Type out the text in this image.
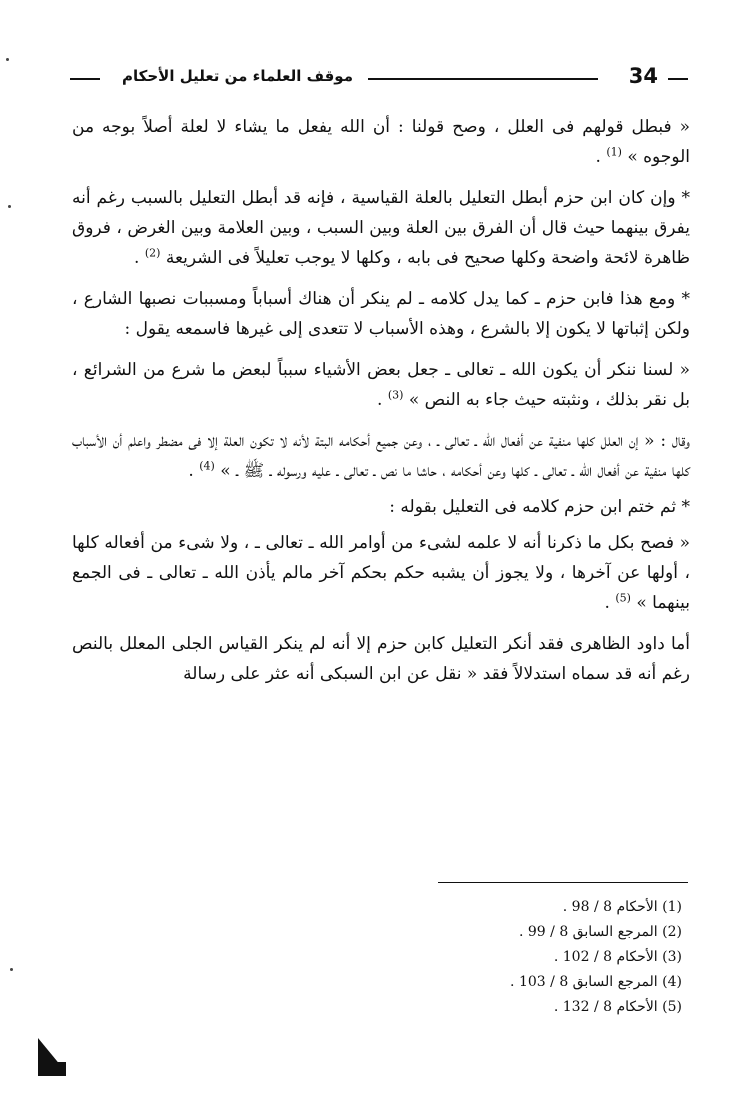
34
موقف العلماء من تعليل الأحكام

« فبطل قولهم فى العلل ، وصح قولنا : أن الله يفعل ما يشاء لا لعلة أصلاً بوجه من الوجوه » $^{(1)}$ .

* وإن كان ابن حزم أبطل التعليل بالعلة القياسية ، فإنه قد أبطل التعليل بالسبب رغم أنه يفرق بينهما حيث قال أن الفرق بين العلة وبين السبب ، وبين العلامة وبين الغرض ، فروق ظاهرة لائحة واضحة وكلها صحيح فى بابه ، وكلها لا يوجب تعليلاً فى الشريعة $^{(2)}$ .

* ومع هذا فابن حزم ـ كما يدل كلامه ـ لم ينكر أن هناك أسباباً ومسببات نصبها الشارع ، ولكن إثباتها لا يكون إلا بالشرع ، وهذه الأسباب لا تتعدى إلى غيرها فاسمعه يقول :

« لسنا ننكر أن يكون الله ـ تعالى ـ جعل بعض الأشياء سبباً لبعض ما شرع من الشرائع ، بل نقر بذلك ، ونثبته حيث جاء به النص » $^{(3)}$ .

وقال : « إن العلل كلها منفية عن أفعال الله ـ تعالى ـ ، وعن جميع أحكامه البتة لأنه لا تكون العلة إلا فى مضطر واعلم أن الأسباب كلها منفية عن أفعال الله ـ تعالى ـ كلها وعن أحكامه ، حاشا ما نص ـ تعالى ـ عليه ورسوله ـ ﷺ ـ » $^{(4)}$ .

* ثم ختم ابن حزم كلامه فى التعليل بقوله :

« فصح بكل ما ذكرنا أنه لا علمه لشىء من أوامر الله ـ تعالى ـ ، ولا شىء من أفعاله كلها ، أولها عن آخرها ، ولا يجوز أن يشبه حكم بحكم آخر مالم يأذن الله ـ تعالى ـ فى الجمع بينهما » $^{(5)}$ .

أما داود الظاهرى فقد أنكر التعليل كابن حزم إلا أنه لم ينكر القياس الجلى المعلل بالنص رغم أنه قد سماه استدلالاً فقد « نقل عن ابن السبكى أنه عثر على رسالة

(1) الأحكام 8 / 98 .
(2) المرجع السابق 8 / 99 .
(3) الأحكام 8 / 102 .
(4) المرجع السابق 8 / 103 .
(5) الأحكام 8 / 132 .
